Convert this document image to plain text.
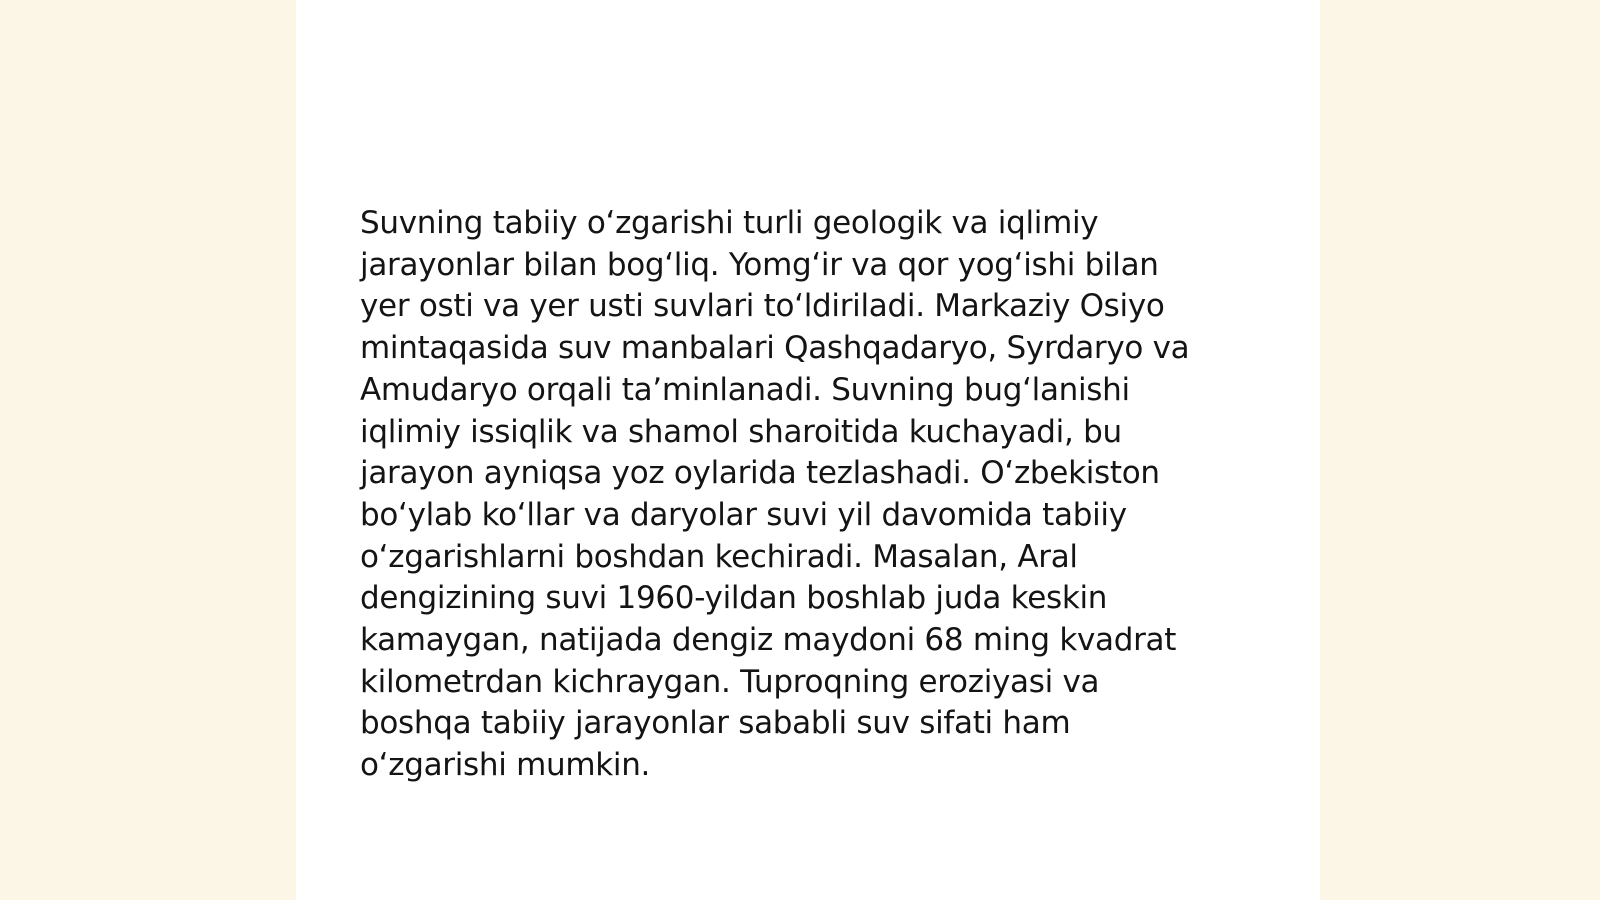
Suvning tabiiy o‘zgarishi turli geologik va iqlimiy
jarayonlar bilan bog‘liq. Yomg‘ir va qor yog‘ishi bilan
yer osti va yer usti suvlari to‘ldiriladi. Markaziy Osiyo
mintaqasida suv manbalari Qashqadaryo, Syrdaryo va
Amudaryo orqali ta’minlanadi. Suvning bug‘lanishi
iqlimiy issiqlik va shamol sharoitida kuchayadi, bu
jarayon ayniqsa yoz oylarida tezlashadi. O‘zbekiston
bo‘ylab ko‘llar va daryolar suvi yil davomida tabiiy
o‘zgarishlarni boshdan kechiradi. Masalan, Aral
dengizining suvi 1960-yildan boshlab juda keskin
kamaygan, natijada dengiz maydoni 68 ming kvadrat
kilometrdan kichraygan. Tuproqning eroziyasi va
boshqa tabiiy jarayonlar sababli suv sifati ham
o‘zgarishi mumkin.
